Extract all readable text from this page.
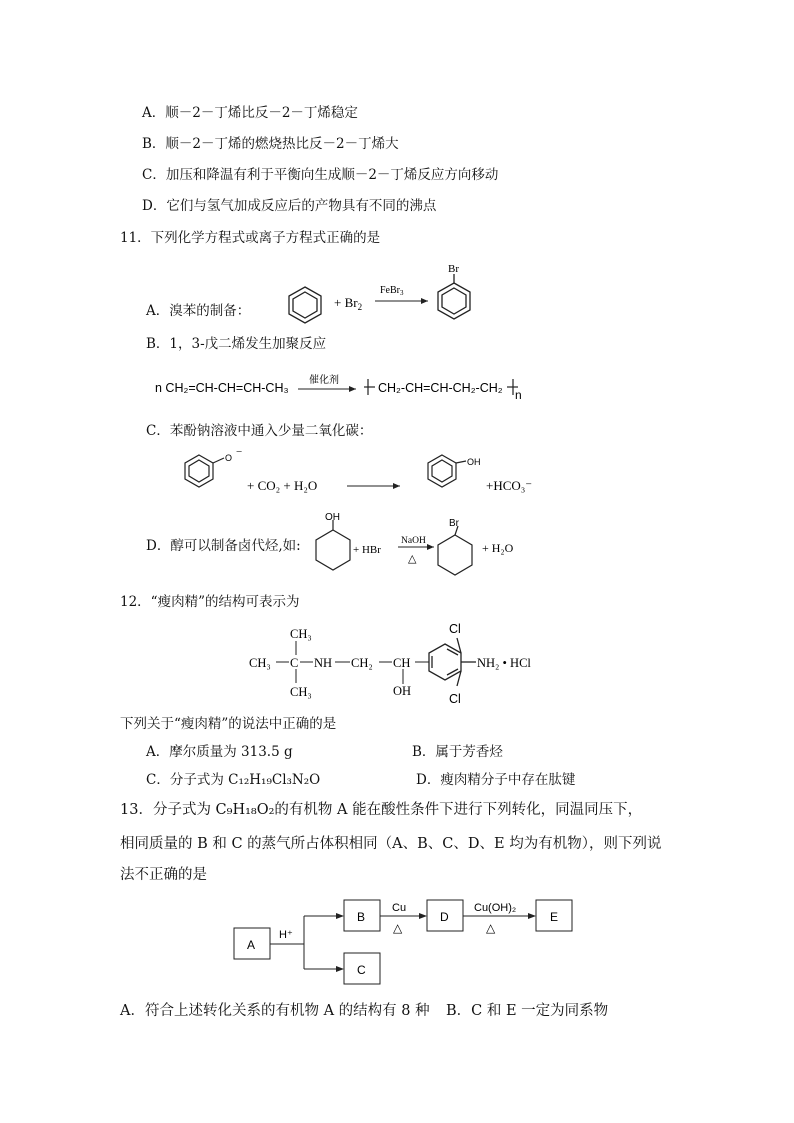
A．顺－2－丁烯比反－2－丁烯稳定
B．顺－2－丁烯的燃烧热比反－2－丁烯大
C．加压和降温有利于平衡向生成顺－2－丁烯反应方向移动
D．它们与氢气加成反应后的产物具有不同的沸点
11．下列化学方程式或离子方程式正确的是
A．溴苯的制备：
+ $Br_2$
FeBr$_3$
Br
B．1，3-戊二烯发生加聚反应
n CH₂=CH-CH=CH-CH₃
催化剂
CH₂-CH=CH-CH₂-CH₂ n
C．苯酚钠溶液中通入少量二氧化碳：
O −
+ CO₂ + H₂O
OH
+HCO₃⁻
D．醇可以制备卤代烃,如:
OH
+ HBr
NaOH
△
Br
+ H₂O
12．“瘦肉精”的结构可表示为
CH₃
CH₃ C NH CH₂ CH
OH
CH₃
Cl
Cl
NH₂ • HCl
下列关于“瘦肉精”的说法中正确的是
A．摩尔质量为 313.5 g	B．属于芳香烃
C．分子式为 C₁₂H₁₉Cl₃N₂O	D．瘦肉精分子中存在肽键
13．分子式为 C₉H₁₈O₂的有机物 A 能在酸性条件下进行下列转化，同温同压下，
相同质量的 B 和 C 的蒸气所占体积相同（A、B、C、D、E 均为有机物），则下列说
法不正确的是
A
B	D	E
C
H⁺
Cu
△
Cu(OH)₂
△
A．符合上述转化关系的有机物 A 的结构有 8 种 B．C 和 E 一定为同系物
